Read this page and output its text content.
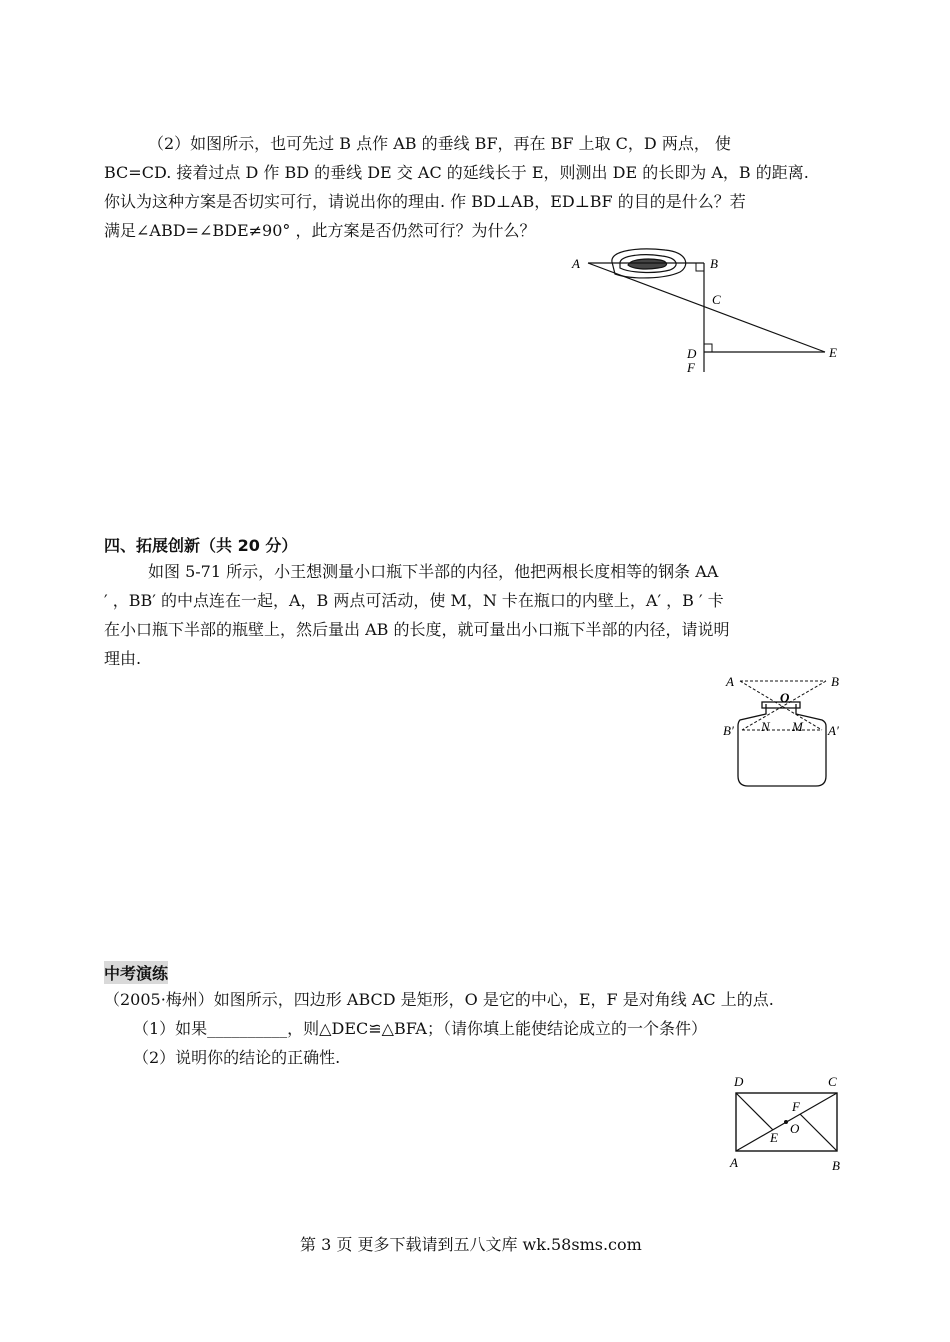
（2）如图所示，也可先过 B 点作 AB 的垂线 BF，再在 BF 上取 C，D 两点， 使
BC=CD. 接着过点 D 作 BD 的垂线 DE 交 AC 的延线长于 E，则测出 DE 的长即为 A，B 的距离.
你认为这种方案是否切实可行，请说出你的理由. 作 BD⊥AB，ED⊥BF 的目的是什么？若
满足∠ABD=∠BDE≠90° ，此方案是否仍然可行？为什么？
A	B
C
D
F
E
四、拓展创新（共 20 分）
如图 5-71 所示，小王想测量小口瓶下半部的内径，他把两根长度相等的钢条 AA
′ ，BB′ 的中点连在一起，A，B 两点可活动，使 M，N 卡在瓶口的内壁上，A′ ，B ′ 卡
在小口瓶下半部的瓶壁上，然后量出 AB 的长度，就可量出小口瓶下半部的内径，请说明
理由.
A	B
O
N M
B′	A′
中考演练
（2005·梅州）如图所示，四边形 ABCD 是矩形，O 是它的中心，E，F 是对角线 AC 上的点.
（1）如果__________，则△DEC≌△BFA；（请你填上能使结论成立的一个条件）
（2）说明你的结论的正确性.
D	C
A	B
F
O
E
第 3 页 更多下载请到五八文库 wk.58sms.com
